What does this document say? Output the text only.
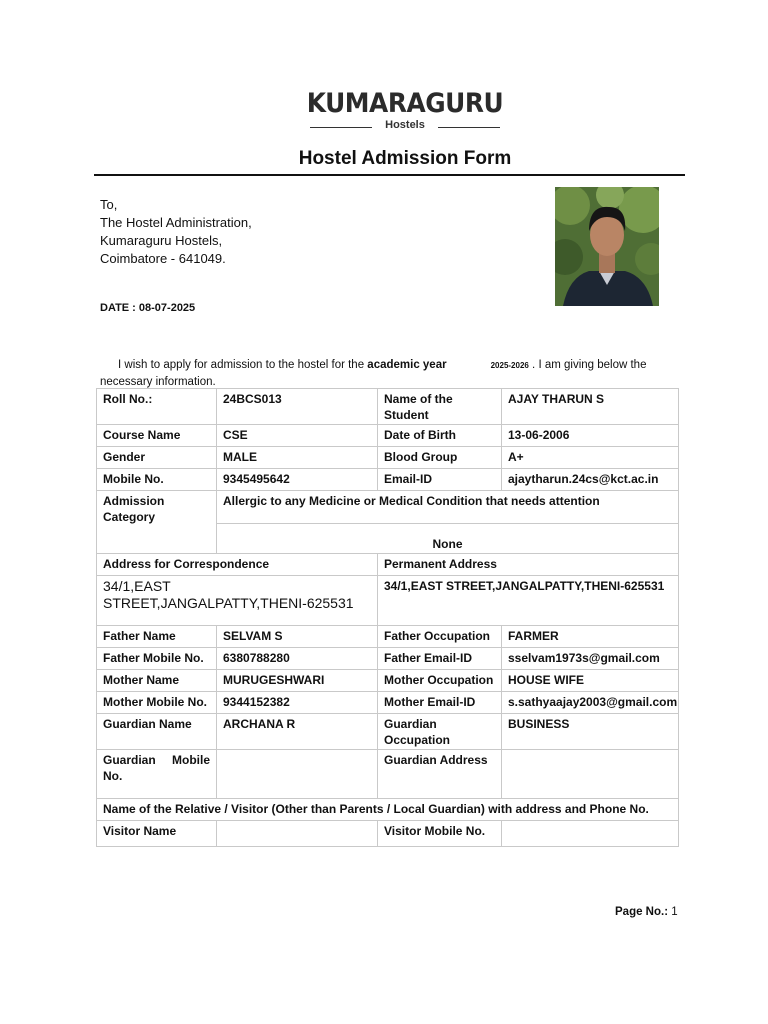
KUMARAGURU
Hostels
Hostel Admission Form
To,
The Hostel Administration,
Kumaraguru Hostels,
Coimbatore - 641049.
DATE : 08-07-2025
I wish to apply for admission to the hostel for the academic year	2025-2026 . I am giving below the necessary information.
Roll No.:	24BCS013	Name of the Student	AJAY THARUN S
Course Name	CSE	Date of Birth	13-06-2006
Gender	MALE	Blood Group	A+
Mobile No.	9345495642	Email-ID	ajaytharun.24cs@kct.ac.in
Admission Category	Allergic to any Medicine or Medical Condition that needs attention		
	None		
Address for Correspondence		Permanent Address	
34/1,EAST STREET,JANGALPATTY,THENI-625531		34/1,EAST STREET,JANGALPATTY,THENI-625531	
Father Name	SELVAM S	Father Occupation	FARMER
Father Mobile No.	6380788280	Father Email-ID	sselvam1973s@gmail.com
Mother Name	MURUGESHWARI	Mother Occupation	HOUSE WIFE
Mother Mobile No.	9344152382	Mother Email-ID	s.sathyaajay2003@gmail.com
Guardian Name	ARCHANA R	Guardian Occupation	BUSINESS
Guardian Mobile No.		Guardian Address	
Name of the Relative / Visitor (Other than Parents / Local Guardian) with address and Phone No.			
Visitor Name		Visitor Mobile No.	
Page No.: 1
